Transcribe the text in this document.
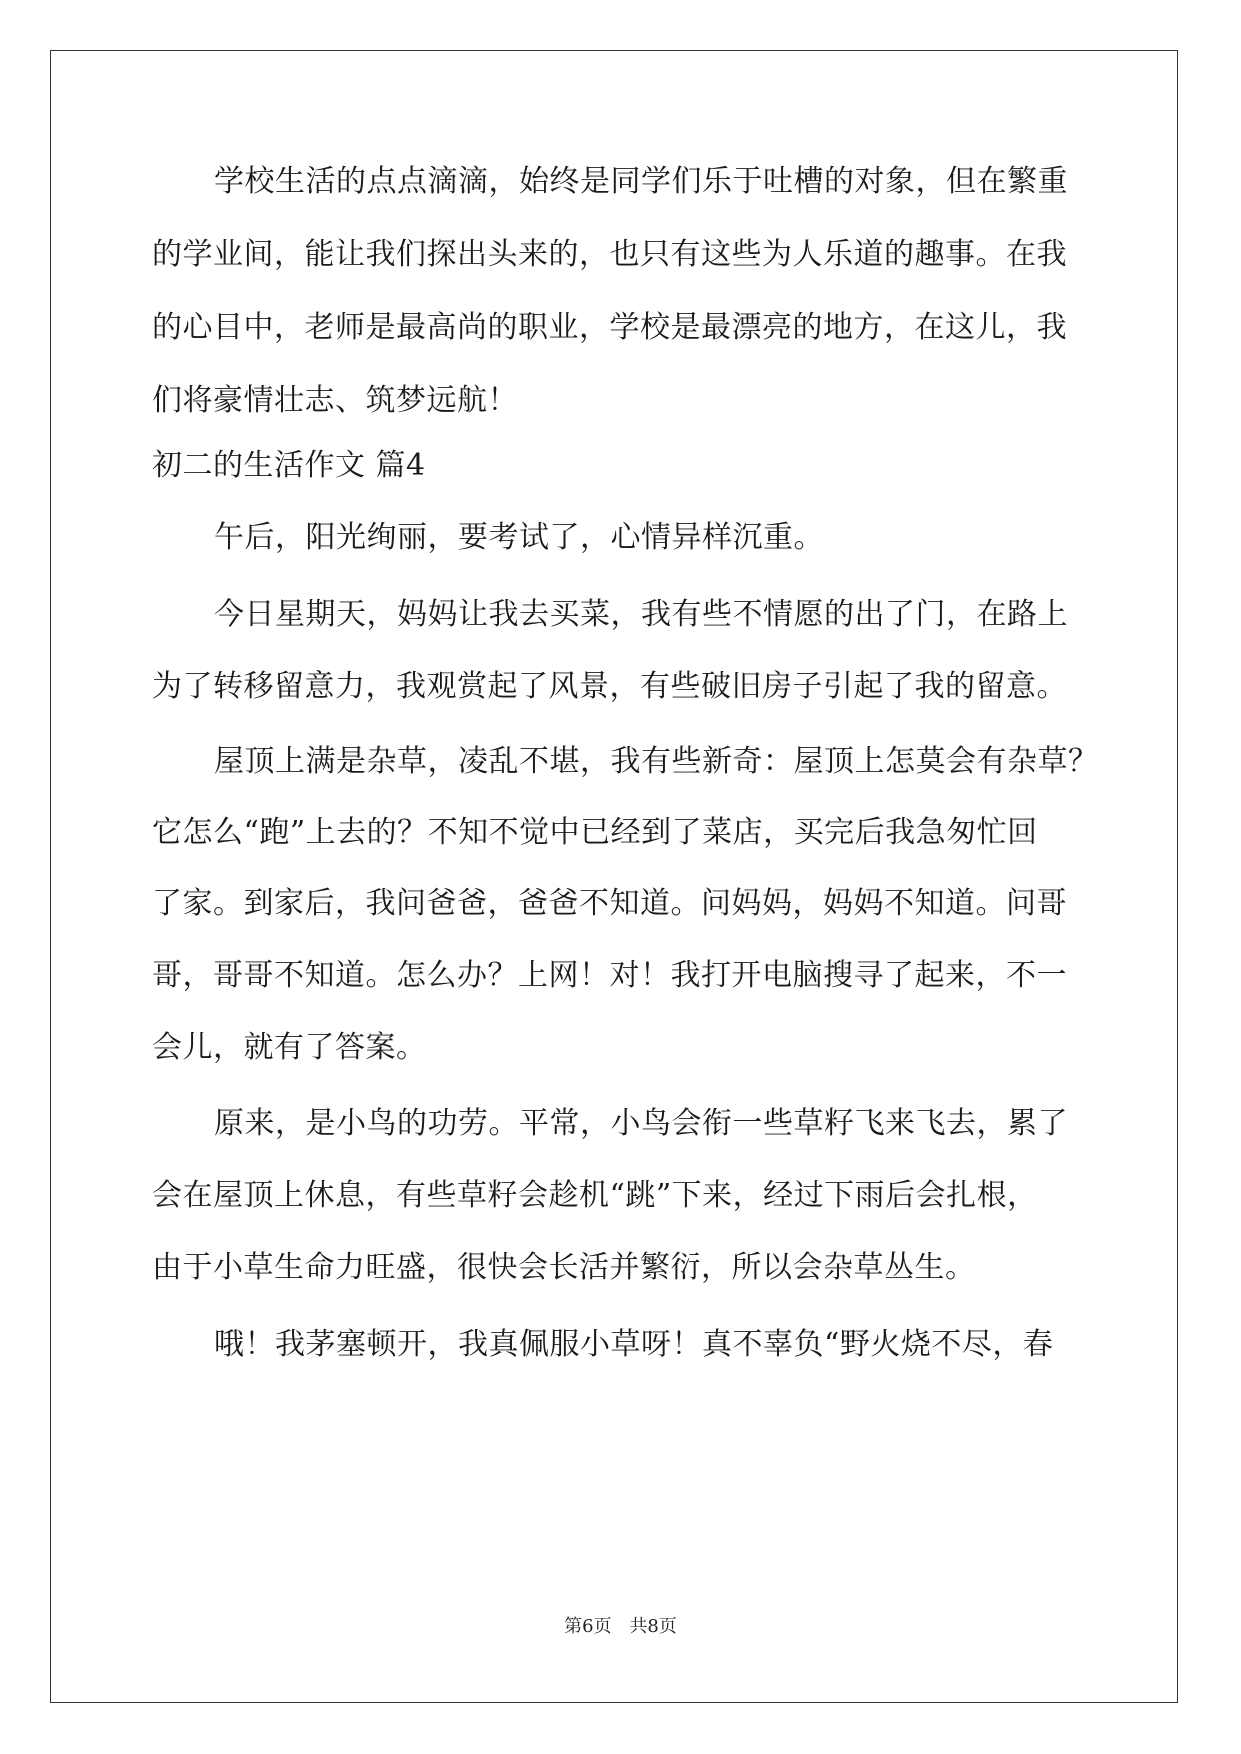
学校生活的点点滴滴，始终是同学们乐于吐槽的对象，但在繁重
的学业间，能让我们探出头来的，也只有这些为人乐道的趣事。在我
的心目中，老师是最高尚的职业，学校是最漂亮的地方，在这儿，我
们将豪情壮志、筑梦远航！
初二的生活作文 篇4
午后，阳光绚丽，要考试了，心情异样沉重。
今日星期天，妈妈让我去买菜，我有些不情愿的出了门，在路上
为了转移留意力，我观赏起了风景，有些破旧房子引起了我的留意。
屋顶上满是杂草，凌乱不堪，我有些新奇：屋顶上怎莫会有杂草？
它怎么“跑”上去的？不知不觉中已经到了菜店，买完后我急匆忙回
了家。到家后，我问爸爸，爸爸不知道。问妈妈，妈妈不知道。问哥
哥，哥哥不知道。怎么办？上网！对！我打开电脑搜寻了起来，不一
会儿，就有了答案。
原来，是小鸟的功劳。平常，小鸟会衔一些草籽飞来飞去，累了
会在屋顶上休息，有些草籽会趁机“跳”下来，经过下雨后会扎根，
由于小草生命力旺盛，很快会长活并繁衍，所以会杂草丛生。
哦！我茅塞顿开，我真佩服小草呀！真不辜负“野火烧不尽，春
第6页 共8页
